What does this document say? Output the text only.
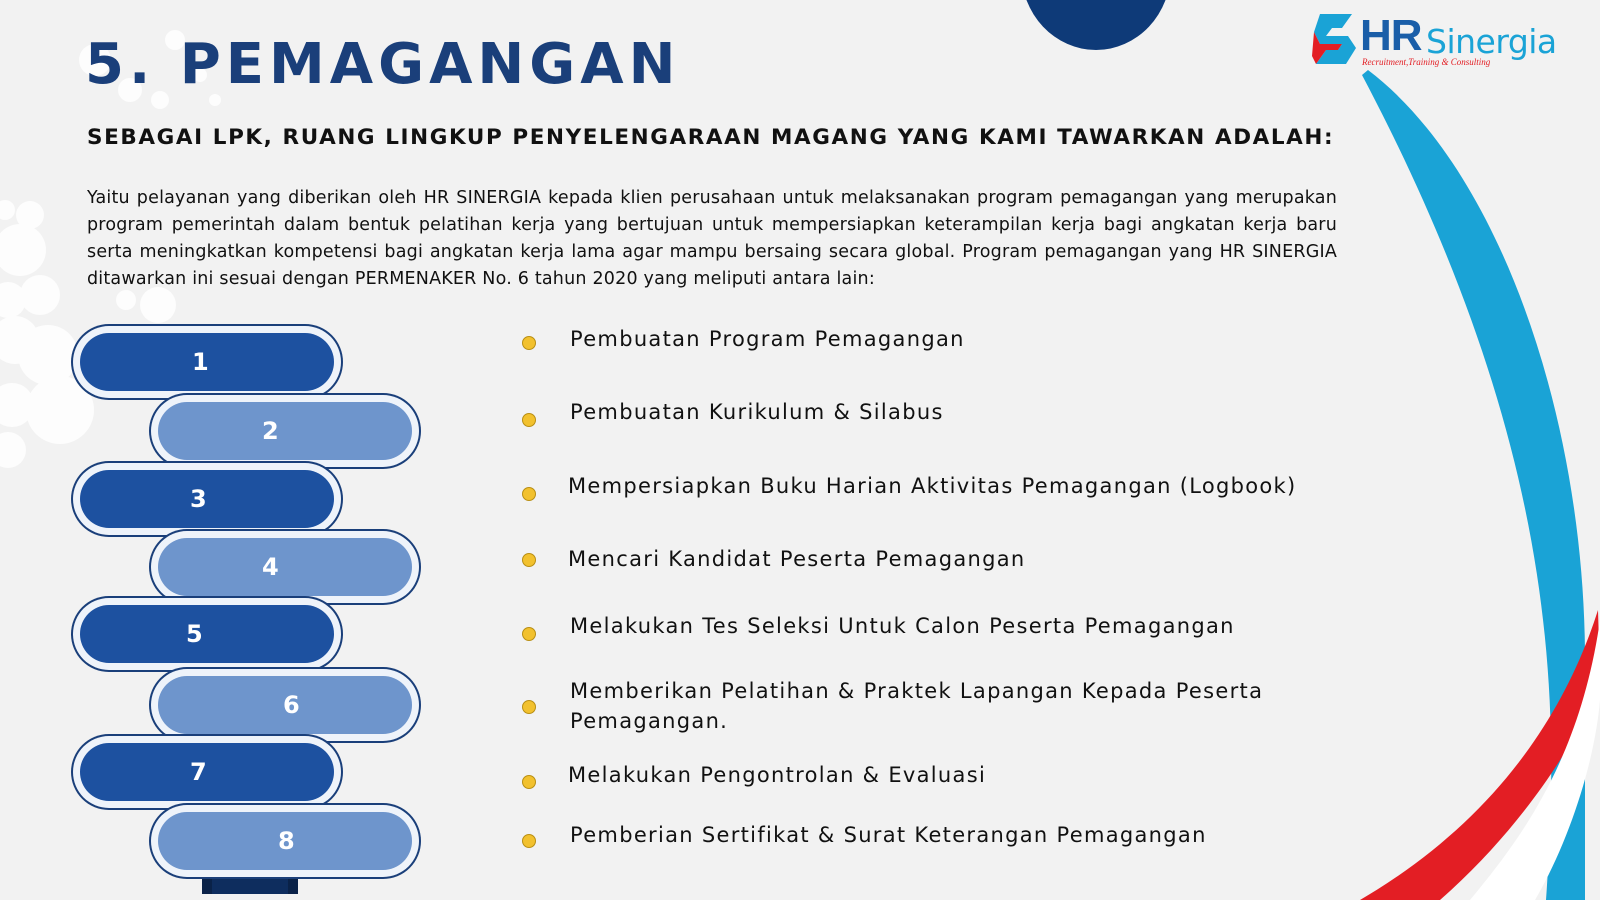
HR Sinergia
Recruitment,Training & Consulting
5. PEMAGANGAN

SEBAGAI LPK, RUANG LINGKUP PENYELENGARAAN MAGANG YANG KAMI TAWARKAN ADALAH:

Yaitu pelayanan yang diberikan oleh HR SINERGIA kepada klien perusahaan untuk melaksanakan program pemagangan yang merupakan program pemerintah dalam bentuk pelatihan kerja yang bertujuan untuk mempersiapkan keterampilan kerja bagi angkatan kerja baru serta meningkatkan kompetensi bagi angkatan kerja lama agar mampu bersaing secara global. Program pemagangan yang HR SINERGIA ditawarkan ini sesuai dengan PERMENAKER No. 6 tahun 2020 yang meliputi antara lain:

1
2
3
4
5
6
7
8
Pembuatan Program Pemagangan
Pembuatan Kurikulum & Silabus
Mempersiapkan Buku Harian Aktivitas Pemagangan (Logbook)
Mencari Kandidat Peserta Pemagangan
Melakukan Tes Seleksi Untuk Calon Peserta Pemagangan
Memberikan Pelatihan & Praktek Lapangan Kepada Peserta Pemagangan.
Melakukan Pengontrolan & Evaluasi
Pemberian Sertifikat & Surat Keterangan Pemagangan
